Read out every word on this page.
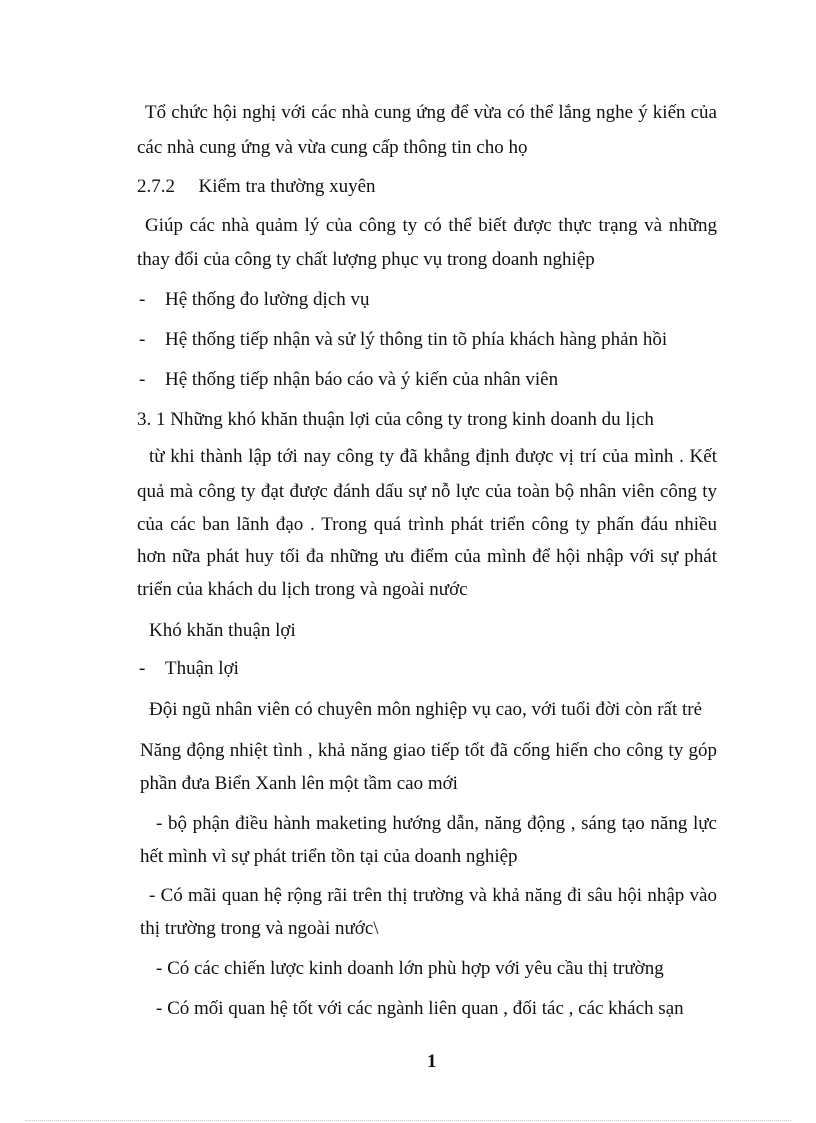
Tổ chức hội nghị với các nhà cung ứng để vừa có thể lắng nghe ý kiến của
các nhà cung ứng và vừa cung cấp thông tin cho họ
2.7.2 Kiểm tra thường xuyên
Giúp các nhà quảm lý của công ty có thể biết được thực trạng và những
thay đổi của công ty chất lượng phục vụ trong doanh nghiệp
- Hệ thống đo lường dịch vụ
- Hệ thống tiếp nhận và sử lý thông tin tõ phía khách hàng phản hồi
- Hệ thống tiếp nhận báo cáo và ý kiến của nhân viên
3. 1 Những khó khăn thuận lợi của công ty trong kinh doanh du lịch
từ khi thành lập tới nay công ty đã khẳng định được vị trí của mình . Kết
quả mà công ty đạt được đánh dấu sự nỗ lực của toàn bộ nhân viên công ty
của các ban lãnh đạo . Trong quá trình phát triển công ty phấn đáu nhiều
hơn nữa phát huy tối đa những ưu điểm của mình để hội nhập với sự phát
triển của khách du lịch trong và ngoài nước
Khó khăn thuận lợi
- Thuận lợi
Đội ngũ nhân viên có chuyên môn nghiệp vụ cao, với tuổi đời còn rất trẻ
Năng động nhiệt tình , khả năng giao tiếp tốt đã cống hiến cho công ty góp
phần đưa Biển Xanh lên một tầm cao mới
- bộ phận điều hành maketing hướng dẫn, năng động , sáng tạo năng lực
hết mình vì sự phát triển tồn tại của doanh nghiệp
- Có mãi quan hệ rộng rãi trên thị trường và khả năng đi sâu hội nhập vào
thị trường trong và ngoài nước\
- Có các chiến lược kinh doanh lớn phù hợp với yêu cầu thị trường
- Có mối quan hệ tốt với các ngành liên quan , đối tác , các khách sạn
1
